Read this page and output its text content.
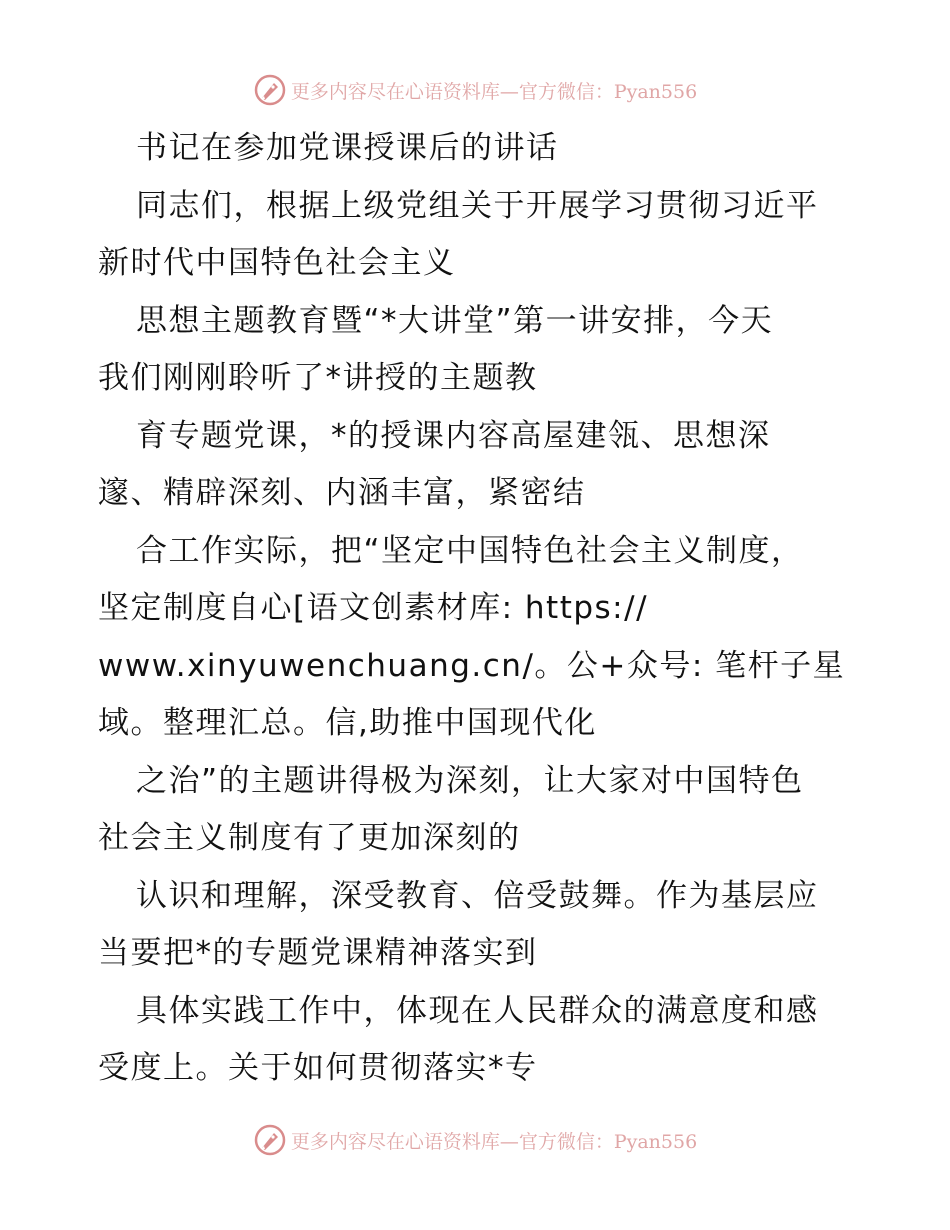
更多内容尽在心语资料库—官方微信：Pyan556
书记在参加党课授课后的讲话
同志们，根据上级党组关于开展学习贯彻习近平
新时代中国特色社会主义
思想主题教育暨“*大讲堂”第一讲安排，今天
我们刚刚聆听了*讲授的主题教
育专题党课，*的授课内容高屋建瓴、思想深
邃、精辟深刻、内涵丰富，紧密结
合工作实际，把“坚定中国特色社会主义制度，
坚定制度自心[语文创素材库: https://
www.xinyuwenchuang.cn/。公+众号: 笔杆子星
域。整理汇总。信,助推中国现代化
之治”的主题讲得极为深刻，让大家对中国特色
社会主义制度有了更加深刻的
认识和理解，深受教育、倍受鼓舞。作为基层应
当要把*的专题党课精神落实到
具体实践工作中，体现在人民群众的满意度和感
受度上。关于如何贯彻落实*专
更多内容尽在心语资料库—官方微信：Pyan556
